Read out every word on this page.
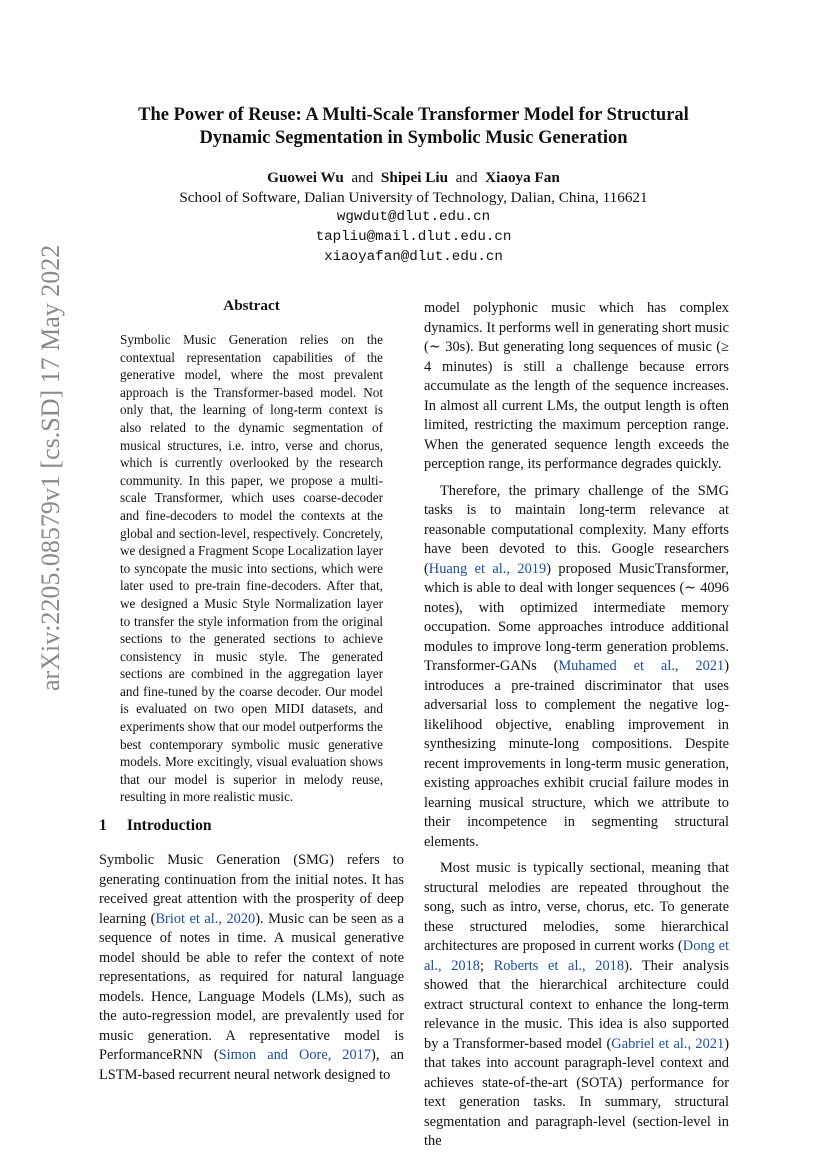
The Power of Reuse: A Multi-Scale Transformer Model for Structural
Dynamic Segmentation in Symbolic Music Generation
Guowei Wu and Shipei Liu and Xiaoya Fan
School of Software, Dalian University of Technology, Dalian, China, 116621
wgwdut@dlut.edu.cn
tapliu@mail.dlut.edu.cn
xiaoyafan@dlut.edu.cn
arXiv:2205.08579v1 [cs.SD] 17 May 2022	Abstract
Symbolic Music Generation relies on the contextual representation capabilities of the generative model, where the most prevalent approach is the Transformer-based model. Not only that, the learning of long-term context is also related to the dynamic segmentation of musical structures, i.e. intro, verse and chorus, which is currently overlooked by the research community. In this paper, we propose a multi-scale Transformer, which uses coarse-decoder and fine-decoders to model the contexts at the global and section-level, respectively. Concretely, we designed a Fragment Scope Localization layer to syncopate the music into sections, which were later used to pre-train fine-decoders. After that, we designed a Music Style Normalization layer to transfer the style information from the original sections to the generated sections to achieve consistency in music style. The generated sections are combined in the aggregation layer and fine-tuned by the coarse decoder. Our model is evaluated on two open MIDI datasets, and experiments show that our model outperforms the best contemporary symbolic music generative models. More excitingly, visual evaluation shows that our model is superior in melody reuse, resulting in more realistic music.
1 Introduction

Symbolic Music Generation (SMG) refers to generating continuation from the initial notes. It has received great attention with the prosperity of deep learning (Briot et al., 2020). Music can be seen as a sequence of notes in time. A musical generative model should be able to refer the context of note representations, as required for natural language models. Hence, Language Models (LMs), such as the auto-regression model, are prevalently used for music generation. A representative model is PerformanceRNN (Simon and Oore, 2017), an LSTM-based recurrent neural network designed to

model polyphonic music which has complex dynamics. It performs well in generating short music (∼ 30s). But generating long sequences of music (≥ 4 minutes) is still a challenge because errors accumulate as the length of the sequence increases. In almost all current LMs, the output length is often limited, restricting the maximum perception range. When the generated sequence length exceeds the perception range, its performance degrades quickly.

Therefore, the primary challenge of the SMG tasks is to maintain long-term relevance at reasonable computational complexity. Many efforts have been devoted to this. Google researchers (Huang et al., 2019) proposed MusicTransformer, which is able to deal with longer sequences (∼ 4096 notes), with optimized intermediate memory occupation. Some approaches introduce additional modules to improve long-term generation problems. Transformer-GANs (Muhamed et al., 2021) introduces a pre-trained discriminator that uses adversarial loss to complement the negative log-likelihood objective, enabling improvement in synthesizing minute-long compositions. Despite recent improvements in long-term music generation, existing approaches exhibit crucial failure modes in learning musical structure, which we attribute to their incompetence in segmenting structural elements.

Most music is typically sectional, meaning that structural melodies are repeated throughout the song, such as intro, verse, chorus, etc. To generate these structured melodies, some hierarchical architectures are proposed in current works (Dong et al., 2018; Roberts et al., 2018). Their analysis showed that the hierarchical architecture could extract structural context to enhance the long-term relevance in the music. This idea is also supported by a Transformer-based model (Gabriel et al., 2021) that takes into account paragraph-level context and achieves state-of-the-art (SOTA) performance for text generation tasks. In summary, structural segmentation and paragraph-level (section-level in the
